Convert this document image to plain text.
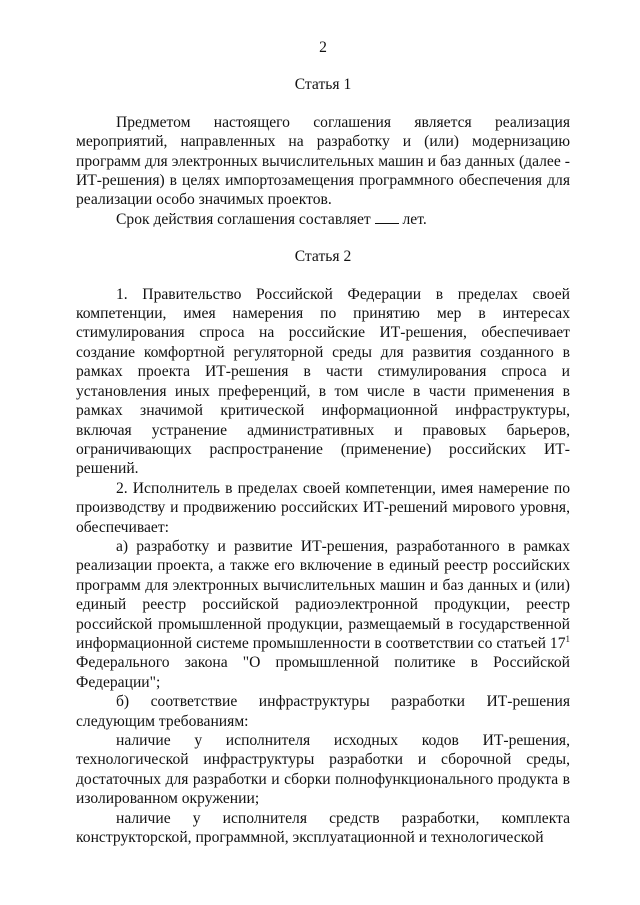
2
Статья 1

Предметом настоящего соглашения является реализация мероприятий, направленных на разработку и (или) модернизацию программ для электронных вычислительных машин и баз данных (далее - ИТ-решения) в целях импортозамещения программного обеспечения для реализации особо значимых проектов.

Срок действия соглашения составляет лет.

Статья 2

1. Правительство Российской Федерации в пределах своей компетенции, имея намерения по принятию мер в интересах стимулирования спроса на российские ИТ-решения, обеспечивает создание комфортной регуляторной среды для развития созданного в рамках проекта ИТ-решения в части стимулирования спроса и установления иных преференций, в том числе в части применения в рамках значимой критической информационной инфраструктуры, включая устранение административных и правовых барьеров, ограничивающих распространение (применение) российских ИТ-решений.

2. Исполнитель в пределах своей компетенции, имея намерение по производству и продвижению российских ИТ-решений мирового уровня, обеспечивает:

а) разработку и развитие ИТ-решения, разработанного в рамках реализации проекта, а также его включение в единый реестр российских программ для электронных вычислительных машин и баз данных и (или) единый реестр российской радиоэлектронной продукции, реестр российской промышленной продукции, размещаемый в государственной информационной системе промышленности в соответствии со статьей $17^1$ Федерального закона "О промышленной политике в Российской Федерации";

б) соответствие инфраструктуры разработки ИТ-решения следующим требованиям:

наличие у исполнителя исходных кодов ИТ-решения, технологической инфраструктуры разработки и сборочной среды, достаточных для разработки и сборки полнофункционального продукта в изолированном окружении;

наличие у исполнителя средств разработки, комплекта конструкторской, программной, эксплуатационной и технологической
